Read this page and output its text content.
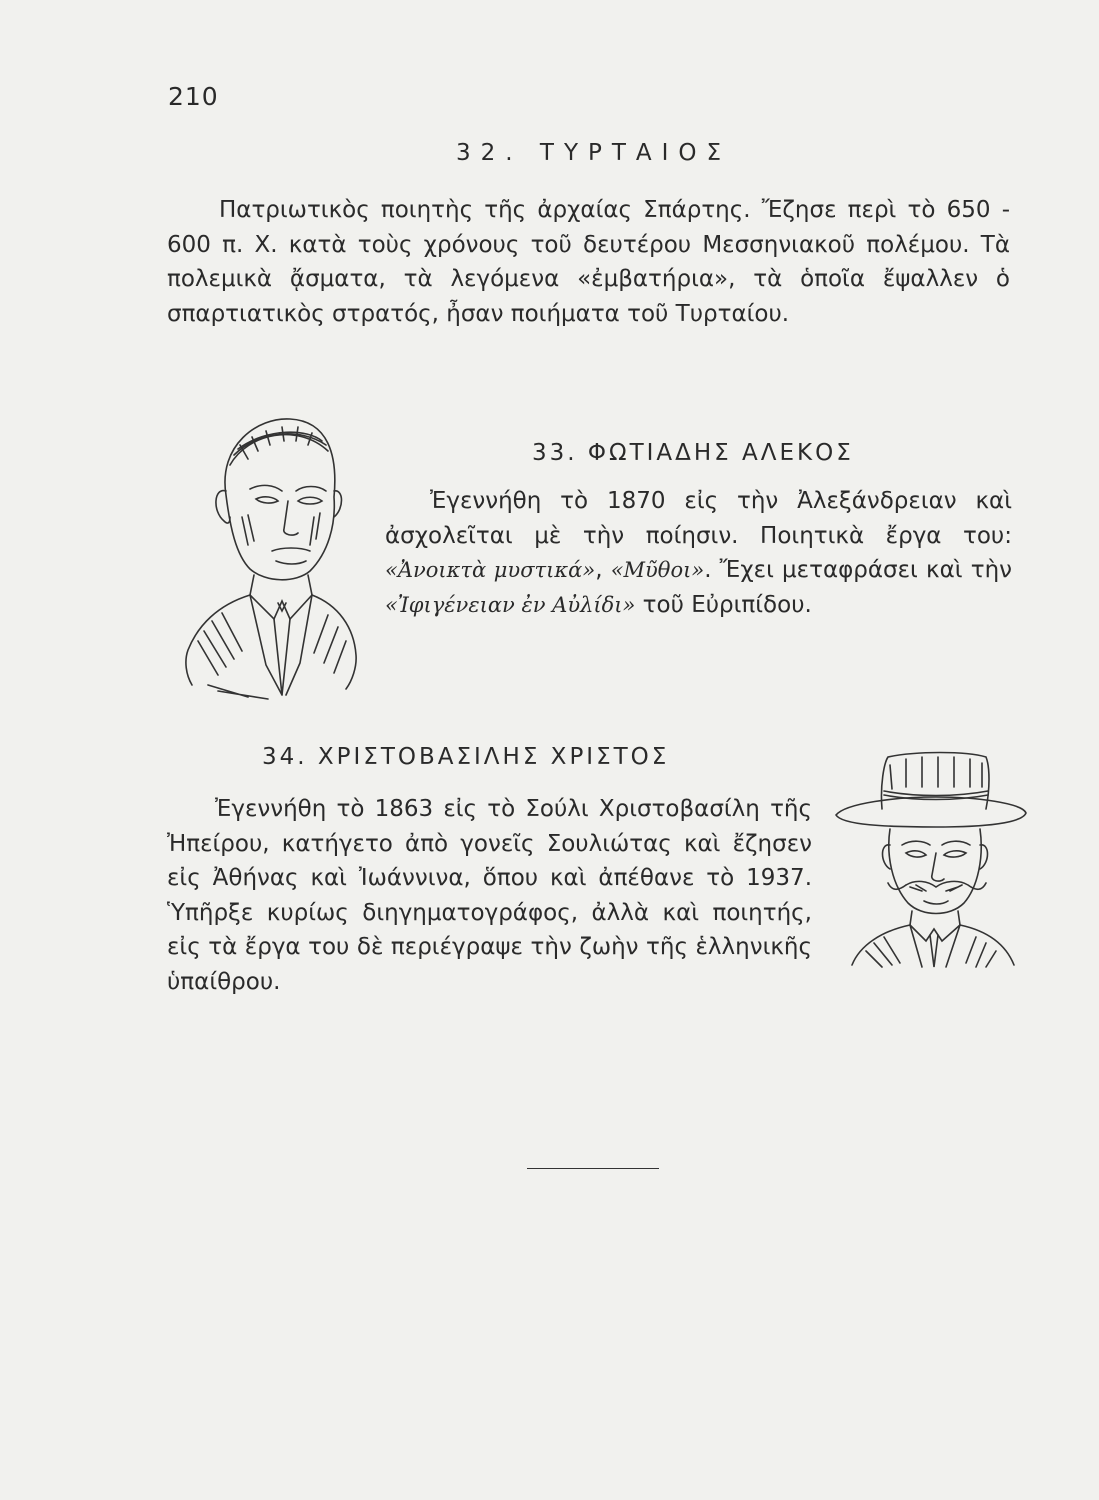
210
32. ΤΥΡΤΑΙΟΣ
Πατριωτικὸς ποιητὴς τῆς ἀρχαίας Σπάρτης. Ἔζησε περὶ τὸ 650 - 600 π. Χ. κατὰ τοὺς χρόνους τοῦ δευτέρου Μεσσηνιακοῦ πολέμου. Τὰ πολεμικὰ ᾄσματα, τὰ λεγόμενα «ἐμβατήρια», τὰ ὁποῖα ἔψαλλεν ὁ σπαρτιατικὸς στρατός, ἦσαν ποιήματα τοῦ Τυρταίου.
33. ΦΩΤΙΑΔΗΣ ΑΛΕΚΟΣ
Ἐγεννήθη τὸ 1870 εἰς τὴν Ἀλεξάνδρειαν καὶ ἀσχολεῖται μὲ τὴν ποίησιν. Ποιητικὰ ἔργα του: «Ἀνοικτὰ μυστικά», «Μῦθοι». Ἔχει μεταφράσει καὶ τὴν «Ἰφιγένειαν ἐν Αὐλίδι» τοῦ Εὐριπίδου.
34. ΧΡΙΣΤΟΒΑΣΙΛΗΣ ΧΡΙΣΤΟΣ
Ἐγεννήθη τὸ 1863 εἰς τὸ Σούλι Χριστοβασίλη τῆς Ἠπείρου, κατήγετο ἀπὸ γονεῖς Σουλιώτας καὶ ἔζησεν εἰς Ἀθήνας καὶ Ἰωάννινα, ὅπου καὶ ἀπέθανε τὸ 1937. Ὑπῆρξε κυρίως διηγηματογράφος, ἀλλὰ καὶ ποιητής, εἰς τὰ ἔργα του δὲ περιέγραψε τὴν ζωὴν τῆς ἑλληνικῆς ὑπαίθρου.
